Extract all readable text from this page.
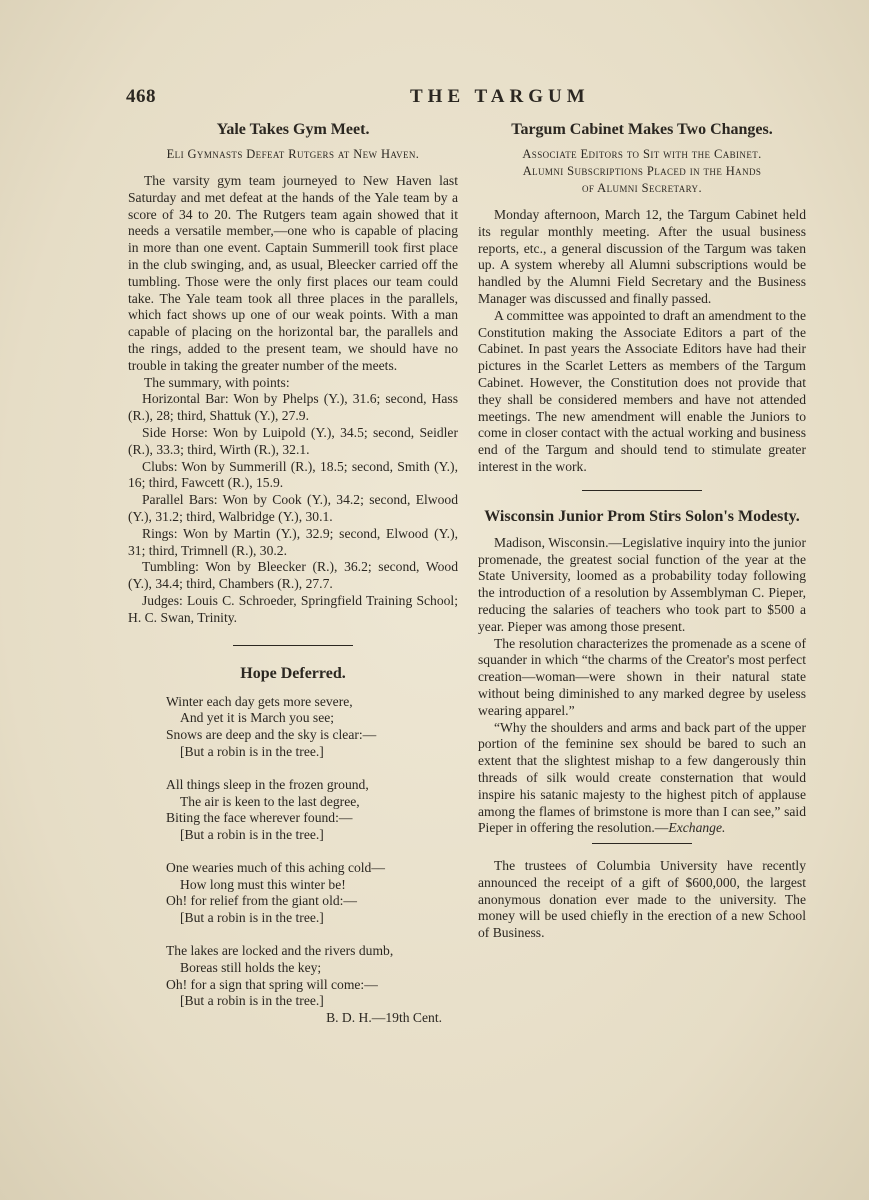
468	THE TARGUM
Yale Takes Gym Meet.
Eli Gymnasts Defeat Rutgers at New Haven.

The varsity gym team journeyed to New Haven last Saturday and met defeat at the hands of the Yale team by a score of 34 to 20. The Rutgers team again showed that it needs a versatile member,—one who is capable of placing in more than one event. Captain Summerill took first place in the club swinging, and, as usual, Bleecker carried off the tumbling. Those were the only first places our team could take. The Yale team took all three places in the parallels, which fact shows up one of our weak points. With a man capable of placing on the horizontal bar, the parallels and the rings, added to the present team, we should have no trouble in taking the greater number of the meets.

The summary, with points:

Horizontal Bar: Won by Phelps (Y.), 31.6; second, Hass (R.), 28; third, Shattuk (Y.), 27.9.

Side Horse: Won by Luipold (Y.), 34.5; second, Seidler (R.), 33.3; third, Wirth (R.), 32.1.

Clubs: Won by Summerill (R.), 18.5; second, Smith (Y.), 16; third, Fawcett (R.), 15.9.

Parallel Bars: Won by Cook (Y.), 34.2; second, Elwood (Y.), 31.2; third, Walbridge (Y.), 30.1.

Rings: Won by Martin (Y.), 32.9; second, Elwood (Y.), 31; third, Trimnell (R.), 30.2.

Tumbling: Won by Bleecker (R.), 36.2; second, Wood (Y.), 34.4; third, Chambers (R.), 27.7.

Judges: Louis C. Schroeder, Springfield Training School; H. C. Swan, Trinity.

Hope Deferred.
Winter each day gets more severe,
And yet it is March you see;
Snows are deep and the sky is clear:—
[But a robin is in the tree.]
All things sleep in the frozen ground,
The air is keen to the last degree,
Biting the face wherever found:—
[But a robin is in the tree.]
One wearies much of this aching cold—
How long must this winter be!
Oh! for relief from the giant old:—
[But a robin is in the tree.]
The lakes are locked and the rivers dumb,
Boreas still holds the key;
Oh! for a sign that spring will come:—
[But a robin is in the tree.]
B. D. H.—19th Cent.
Targum Cabinet Makes Two Changes.
Associate Editors to Sit with the Cabinet.
Alumni Subscriptions Placed in the Hands of Alumni Secretary.

Monday afternoon, March 12, the Targum Cabinet held its regular monthly meeting. After the usual business reports, etc., a general discussion of the Targum was taken up. A system whereby all Alumni subscriptions would be handled by the Alumni Field Secretary and the Business Manager was discussed and finally passed.

A committee was appointed to draft an amendment to the Constitution making the Associate Editors a part of the Cabinet. In past years the Associate Editors have had their pictures in the Scarlet Letters as members of the Targum Cabinet. However, the Constitution does not provide that they shall be considered members and have not attended meetings. The new amendment will enable the Juniors to come in closer contact with the actual working and business end of the Targum and should tend to stimulate greater interest in the work.

Wisconsin Junior Prom Stirs Solon's Modesty.

Madison, Wisconsin.—Legislative inquiry into the junior promenade, the greatest social function of the year at the State University, loomed as a probability today following the introduction of a resolution by Assemblyman C. Pieper, reducing the salaries of teachers who took part to $500 a year. Pieper was among those present.

The resolution characterizes the promenade as a scene of squander in which “the charms of the Creator's most perfect creation—woman—were shown in their natural state without being diminished to any marked degree by useless wearing apparel.”

“Why the shoulders and arms and back part of the upper portion of the feminine sex should be bared to such an extent that the slightest mishap to a few dangerously thin threads of silk would create consternation that would inspire his satanic majesty to the highest pitch of applause among the flames of brimstone is more than I can see,” said Pieper in offering the resolution.—Exchange.

The trustees of Columbia University have recently announced the receipt of a gift of $600,000, the largest anonymous donation ever made to the university. The money will be used chiefly in the erection of a new School of Business.
